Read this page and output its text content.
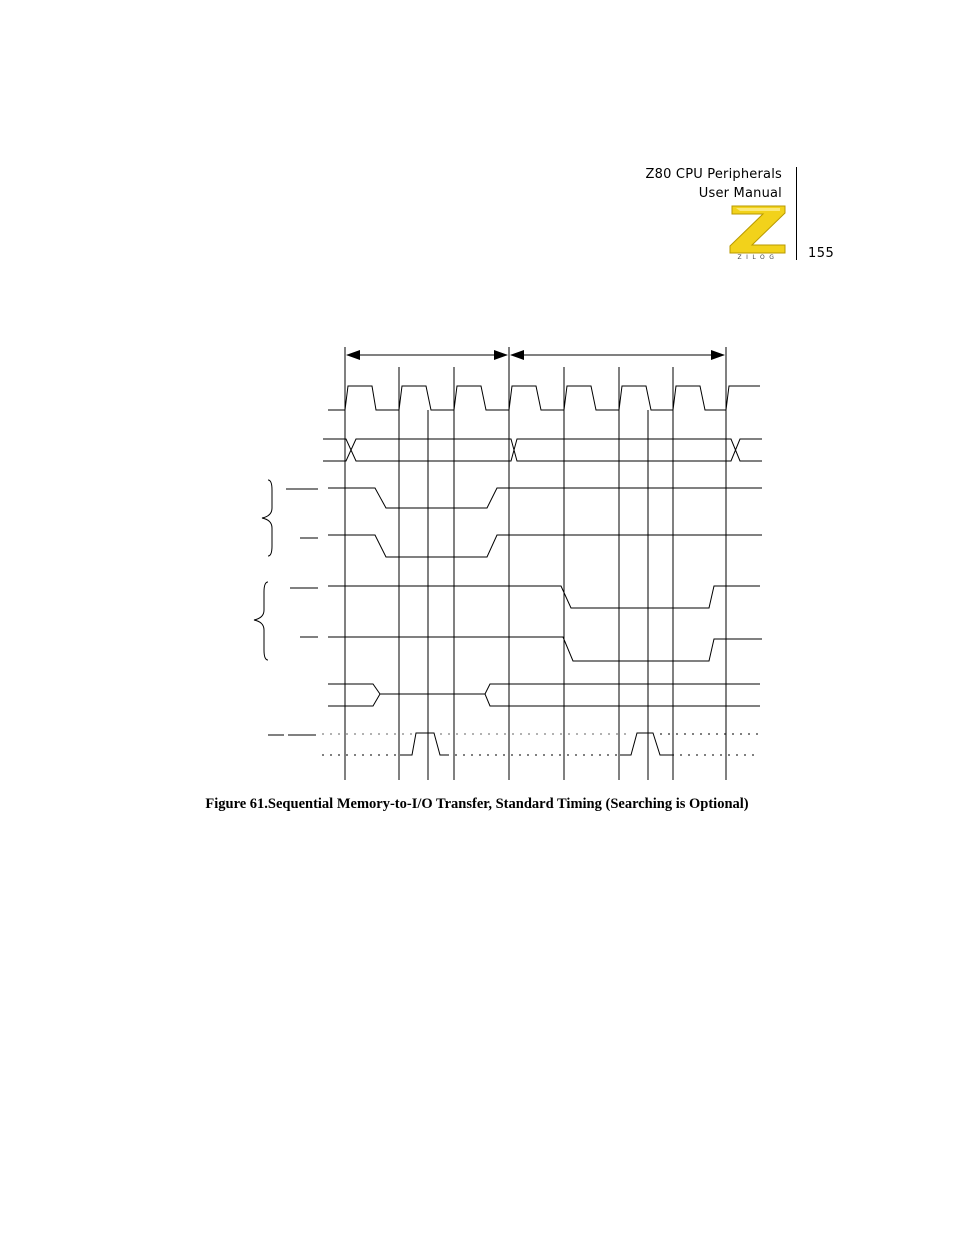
Z80 CPU Peripherals
User Manual
155
ZILOG
Figure 61.Sequential Memory-to-I/O Transfer, Standard Timing (Searching is Optional)
